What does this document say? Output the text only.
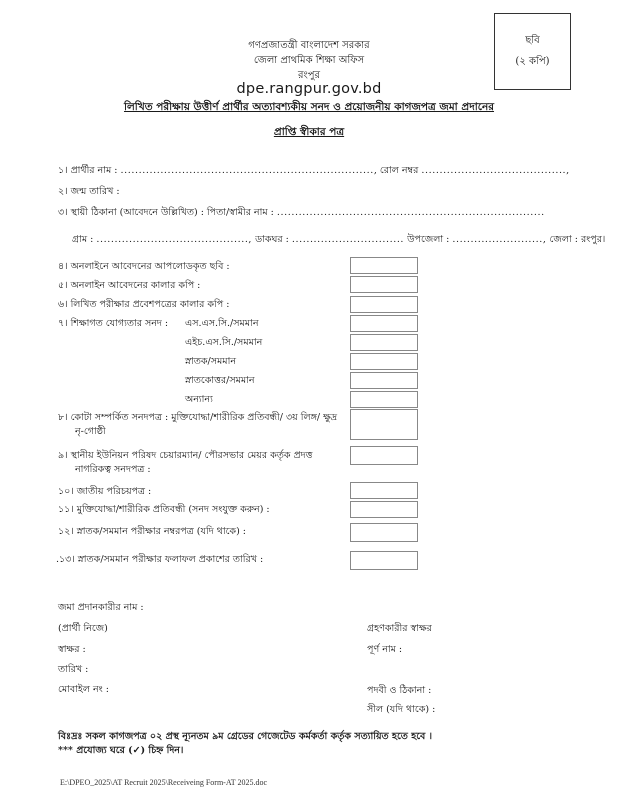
ছবি
(২ কপি)
গণপ্রজাতন্ত্রী বাংলাদেশ সরকার
জেলা প্রাথমিক শিক্ষা অফিস
রংপুর
dpe.rangpur.gov.bd
লিখিত পরীক্ষায় উত্তীর্ণ প্রার্থীর অত্যাবশ্যকীয় সনদ ও প্রয়োজনীয় কাগজপত্র জমা প্রদানের
প্রাপ্তি স্বীকার পত্র
১। প্রার্থীর নাম : ......................................................................, রোল নম্বর ........................................,
২। জন্ম তারিখ :
৩। স্থায়ী ঠিকানা (আবেদনে উল্লিখিত) : পিতা/স্বামীর নাম : ..........................................................................
গ্রাম : .........................................., ডাকঘর : ............................... উপজেলা : ........................., জেলা : রংপুর।
৪। অনলাইনে আবেদনের আপলোডকৃত ছবি :
৫। অনলাইন আবেদনের কালার কপি :
৬। লিখিত পরীক্ষার প্রবেশপত্রের কালার কপি :
৭। শিক্ষাগত যোগ্যতার সনদ : এস.এস.সি./সমমান
এইচ.এস.সি./সমমান
স্নাতক/সমমান
স্নাতকোত্তর/সমমান
অন্যান্য
৮। কোটা সম্পর্কিত সনদপত্র : মুক্তিযোদ্ধা/শারীরিক প্রতিবন্ধী/ ৩য় লিঙ্গ/ ক্ষুদ্র
নৃ-গোষ্ঠী
৯। স্থানীয় ইউনিয়ন পরিষদ চেয়ারম্যান/ পৌরসভার মেয়র কর্তৃক প্রদত্ত
নাগরিকত্ব সনদপত্র :
১০। জাতীয় পরিচয়পত্র :
১১। মুক্তিযোদ্ধা/শারীরিক প্রতিবন্ধী (সনদ সংযুক্ত করুন) :
১২। স্নাতক/সমমান পরীক্ষার নম্বরপত্র (যদি থাকে) :
.১৩। স্নাতক/সমমান পরীক্ষার ফলাফল প্রকাশের তারিখ :
জমা প্রদানকারীর নাম :
(প্রার্থী নিজে)
স্বাক্ষর :
তারিখ :
মোবাইল নং :
গ্রহণকারীর স্বাক্ষর
পূর্ণ নাম :
পদবী ও ঠিকানা :
সীল (যদি থাকে) :
বিঃদ্রঃ সকল কাগজপত্র ০২ প্রস্থ ন্যূনতম ৯ম গ্রেডের গেজেটেড কর্মকর্তা কর্তৃক সত্যায়িত হতে হবে ।
*** প্রযোজ্য ঘরে (✓) চিহ্ন দিন।
E:\DPEO_2025\AT Recruit 2025\Receiveing Form-AT 2025.doc
